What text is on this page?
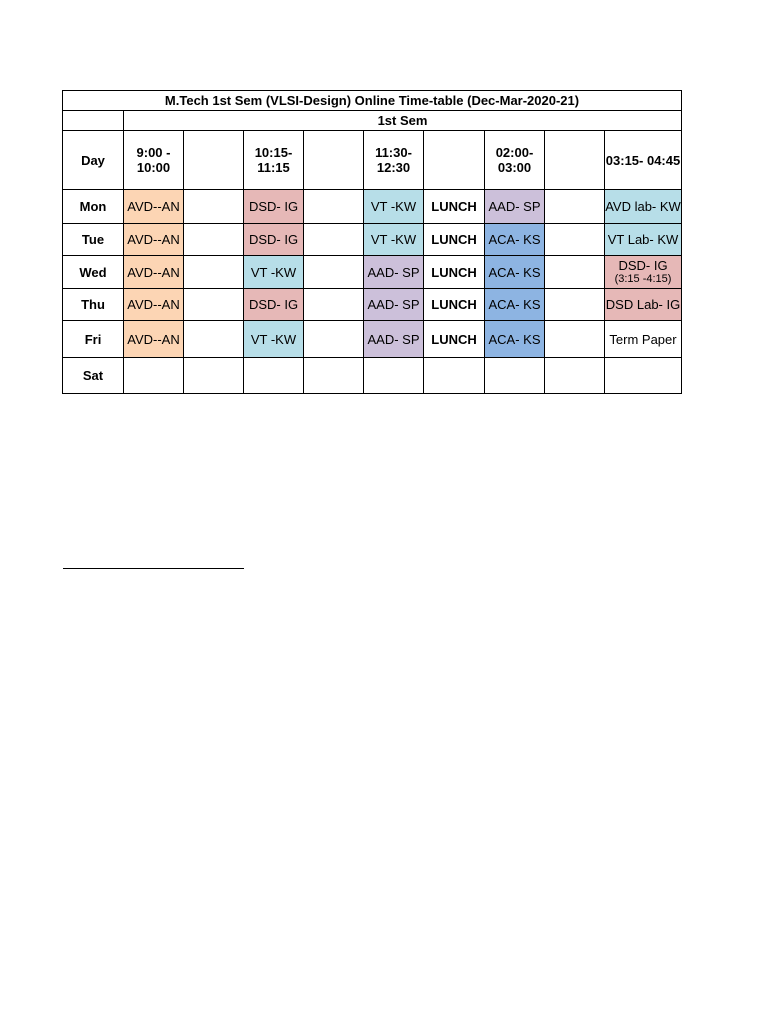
M.Tech 1st Sem (VLSI-Design) Online Time-table (Dec-Mar-2020-21)									
	1st Sem								
Day	9:00 - 10:00		10:15- 11:15		11:30- 12:30		02:00- 03:00		03:15- 04:45
Mon	AVD--AN		DSD- IG		VT -KW	LUNCH	AAD- SP		AVD lab- KW
Tue	AVD--AN		DSD- IG		VT -KW	LUNCH	ACA- KS		VT Lab- KW
Wed	AVD--AN		VT -KW		AAD- SP	LUNCH	ACA- KS		DSD- IG
(3:15 -4:15)

Thu	AVD--AN		DSD- IG		AAD- SP	LUNCH	ACA- KS		DSD Lab- IG
Fri	AVD--AN		VT -KW		AAD- SP	LUNCH	ACA- KS		Term Paper
Sat									
